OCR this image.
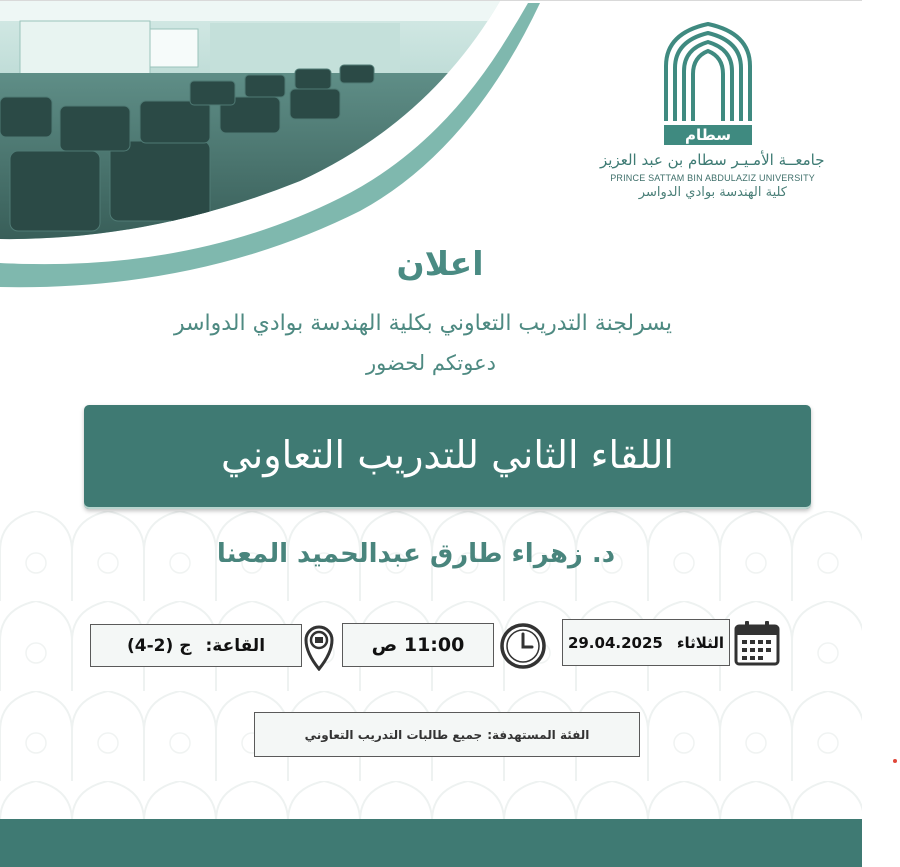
سطام
جامعــة الأمـيـر سطام بن عبد العزيز
PRINCE SATTAM BIN ABDULAZIZ UNIVERSITY
كلية الهندسة بوادي الدواسر
اعلان
يسرلجنة التدريب التعاوني بكلية الهندسة بوادي الدواسر
دعوتكم لحضور
اللقاء الثاني للتدريب التعاوني
د. زهراء طارق عبدالحميد المعنا
الثلاثاء
29.04.2025
11:00 ص
القاعة:
ج (2-4)
الفئة المستهدفة:
جميع طالبات التدريب التعاوني
